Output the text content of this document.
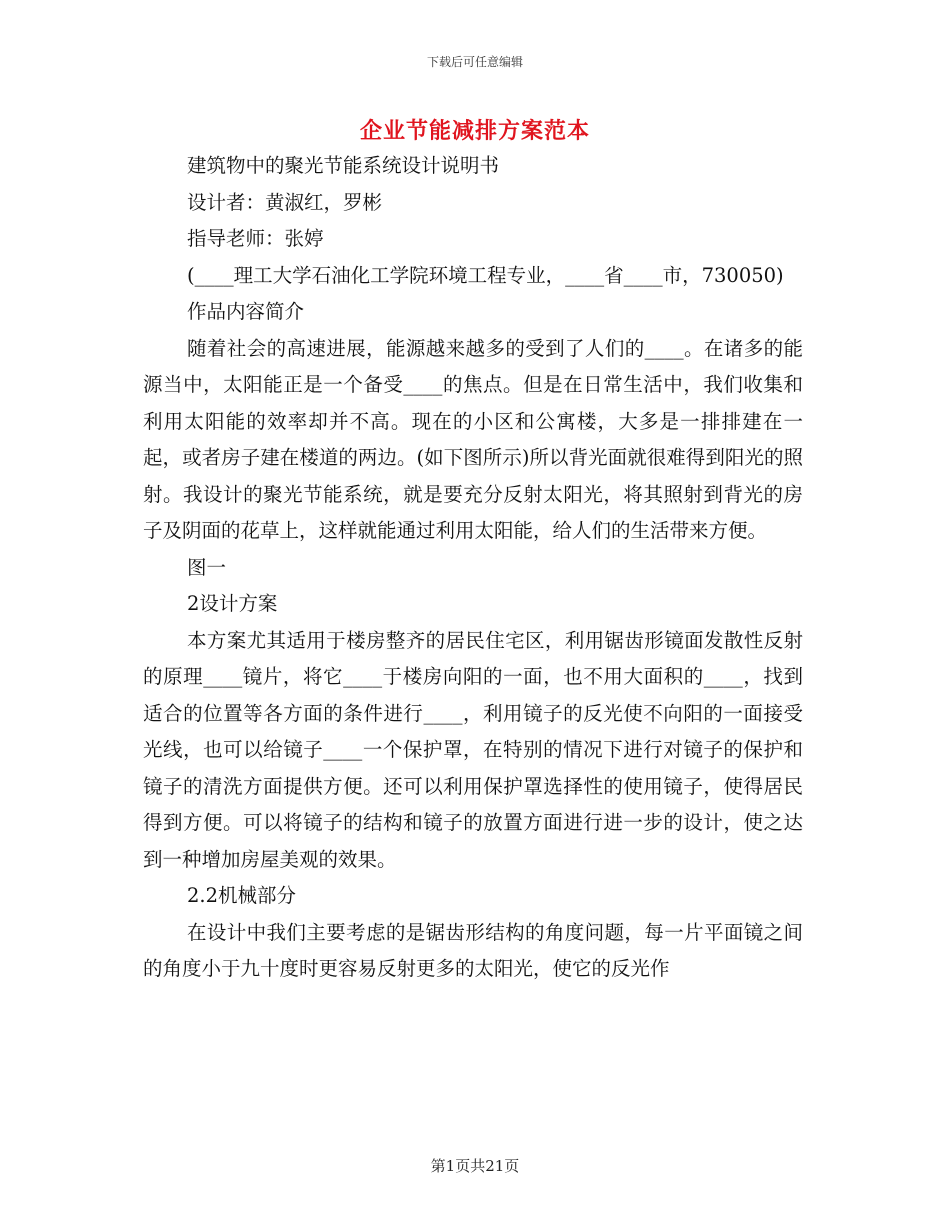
下载后可任意编辑
企业节能减排方案范本

建筑物中的聚光节能系统设计说明书

设计者：黄淑红，罗彬

指导老师：张婷

(____理工大学石油化工学院环境工程专业，____省____市，730050)

作品内容简介

随着社会的高速进展，能源越来越多的受到了人们的____。在诸多的能源当中，太阳能正是一个备受____的焦点。但是在日常生活中，我们收集和利用太阳能的效率却并不高。现在的小区和公寓楼，大多是一排排建在一起，或者房子建在楼道的两边。(如下图所示)所以背光面就很难得到阳光的照射。我设计的聚光节能系统，就是要充分反射太阳光，将其照射到背光的房子及阴面的花草上，这样就能通过利用太阳能，给人们的生活带来方便。

图一

2设计方案

本方案尤其适用于楼房整齐的居民住宅区，利用锯齿形镜面发散性反射的原理____镜片，将它____于楼房向阳的一面，也不用大面积的____，找到适合的位置等各方面的条件进行____，利用镜子的反光使不向阳的一面接受光线，也可以给镜子____一个保护罩，在特别的情况下进行对镜子的保护和镜子的清洗方面提供方便。还可以利用保护罩选择性的使用镜子，使得居民得到方便。可以将镜子的结构和镜子的放置方面进行进一步的设计，使之达到一种增加房屋美观的效果。

2.2机械部分

在设计中我们主要考虑的是锯齿形结构的角度问题，每一片平面镜之间的角度小于九十度时更容易反射更多的太阳光，使它的反光作

第1页共21页
